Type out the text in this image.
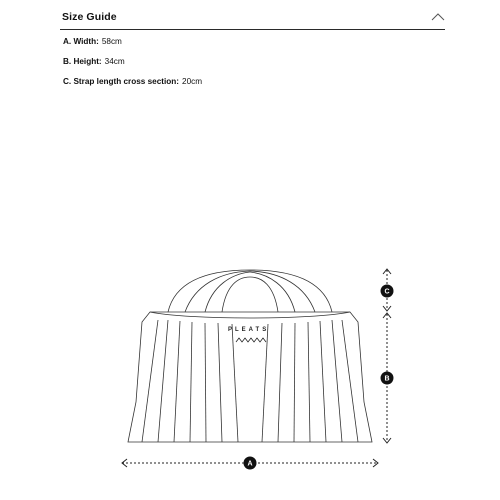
Size Guide
A. Width: 58cm
B. Height: 34cm
C. Strap length cross section: 20cm
PLEATS
C
B
A
